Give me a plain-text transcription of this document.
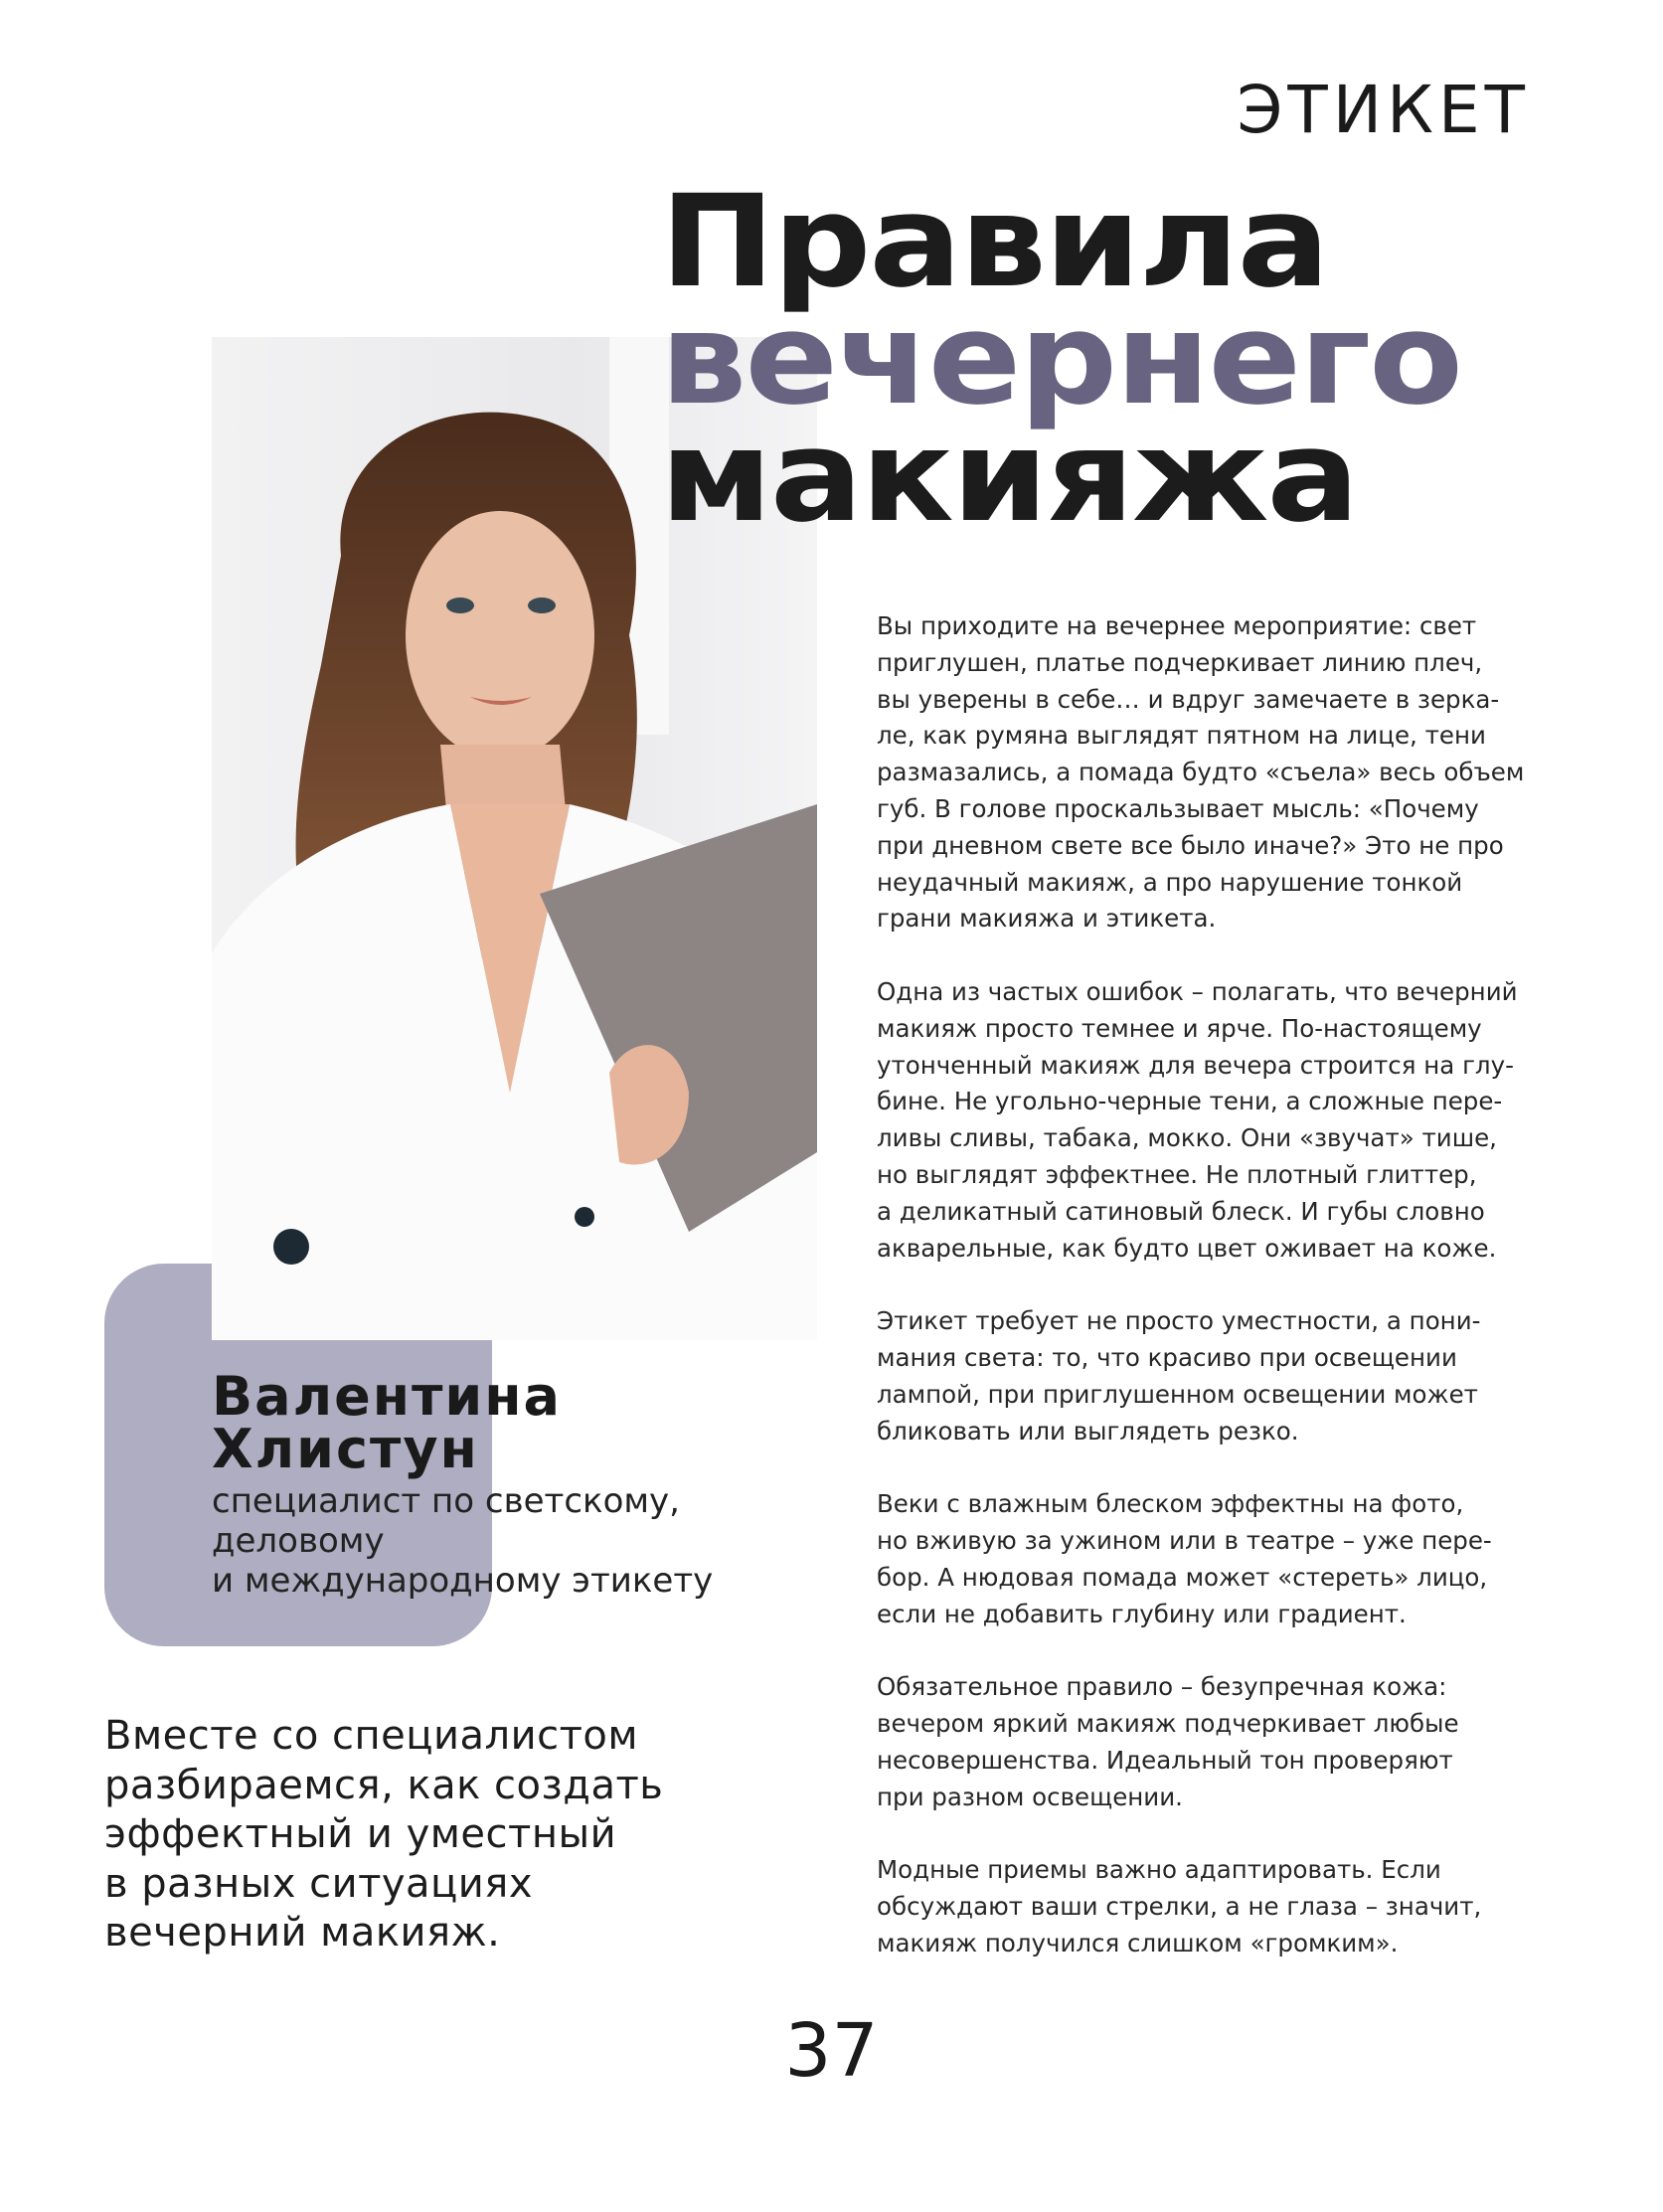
ЭТИКЕТ
Правила
вечернего
макияжа
Валентина
Хлистун
специалист по светскому,
деловому
и международному этикету
Вместе со специалистом
разбираемся, как создать
эффектный и уместный
в разных ситуациях
вечерний макияж.

Вы приходите на вечернее мероприятие: свет
приглушен, платье подчеркивает линию плеч,
вы уверены в себе… и вдруг замечаете в зерка-
ле, как румяна выглядят пятном на лице, тени
размазались, а помада будто «съела» весь объем
губ. В голове проскальзывает мысль: «Почему
при дневном свете все было иначе?» Это не про
неудачный макияж, а про нарушение тонкой
грани макияжа и этикета.

Одна из частых ошибок – полагать, что вечерний
макияж просто темнее и ярче. По-настоящему
утонченный макияж для вечера строится на глу-
бине. Не угольно-черные тени, а сложные пере-
ливы сливы, табака, мокко. Они «звучат» тише,
но выглядят эффектнее. Не плотный глиттер,
а деликатный сатиновый блеск. И губы словно
акварельные, как будто цвет оживает на коже.

Этикет требует не просто уместности, а пони-
мания света: то, что красиво при освещении
лампой, при приглушенном освещении может
бликовать или выглядеть резко.

Веки с влажным блеском эффектны на фото,
но вживую за ужином или в театре – уже пере-
бор. А нюдовая помада может «стереть» лицо,
если не добавить глубину или градиент.

Обязательное правило – безупречная кожа:
вечером яркий макияж подчеркивает любые
несовершенства. Идеальный тон проверяют
при разном освещении.

Модные приемы важно адаптировать. Если
обсуждают ваши стрелки, а не глаза – значит,
макияж получился слишком «громким».

37
